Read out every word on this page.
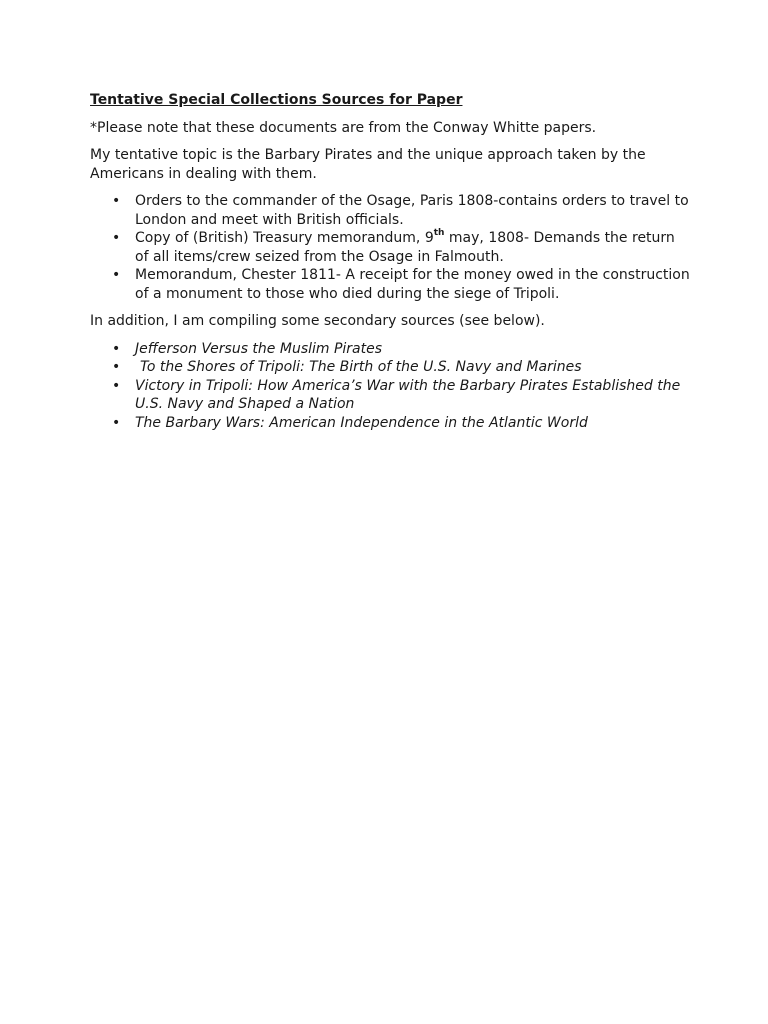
Tentative Special Collections Sources for Paper

*Please note that these documents are from the Conway Whitte papers.

My tentative topic is the Barbary Pirates and the unique approach taken by the Americans in dealing with them.

• Orders to the commander of the Osage, Paris 1808-contains orders to travel to London and meet with British officials.
• Copy of (British) Treasury memorandum, 9th may, 1808- Demands the return of all items/crew seized from the Osage in Falmouth.
• Memorandum, Chester 1811- A receipt for the money owed in the construction of a monument to those who died during the siege of Tripoli.

In addition, I am compiling some secondary sources (see below).

• Jefferson Versus the Muslim Pirates
• To the Shores of Tripoli: The Birth of the U.S. Navy and Marines
• Victory in Tripoli: How America’s War with the Barbary Pirates Established the U.S. Navy and Shaped a Nation
• The Barbary Wars: American Independence in the Atlantic World
